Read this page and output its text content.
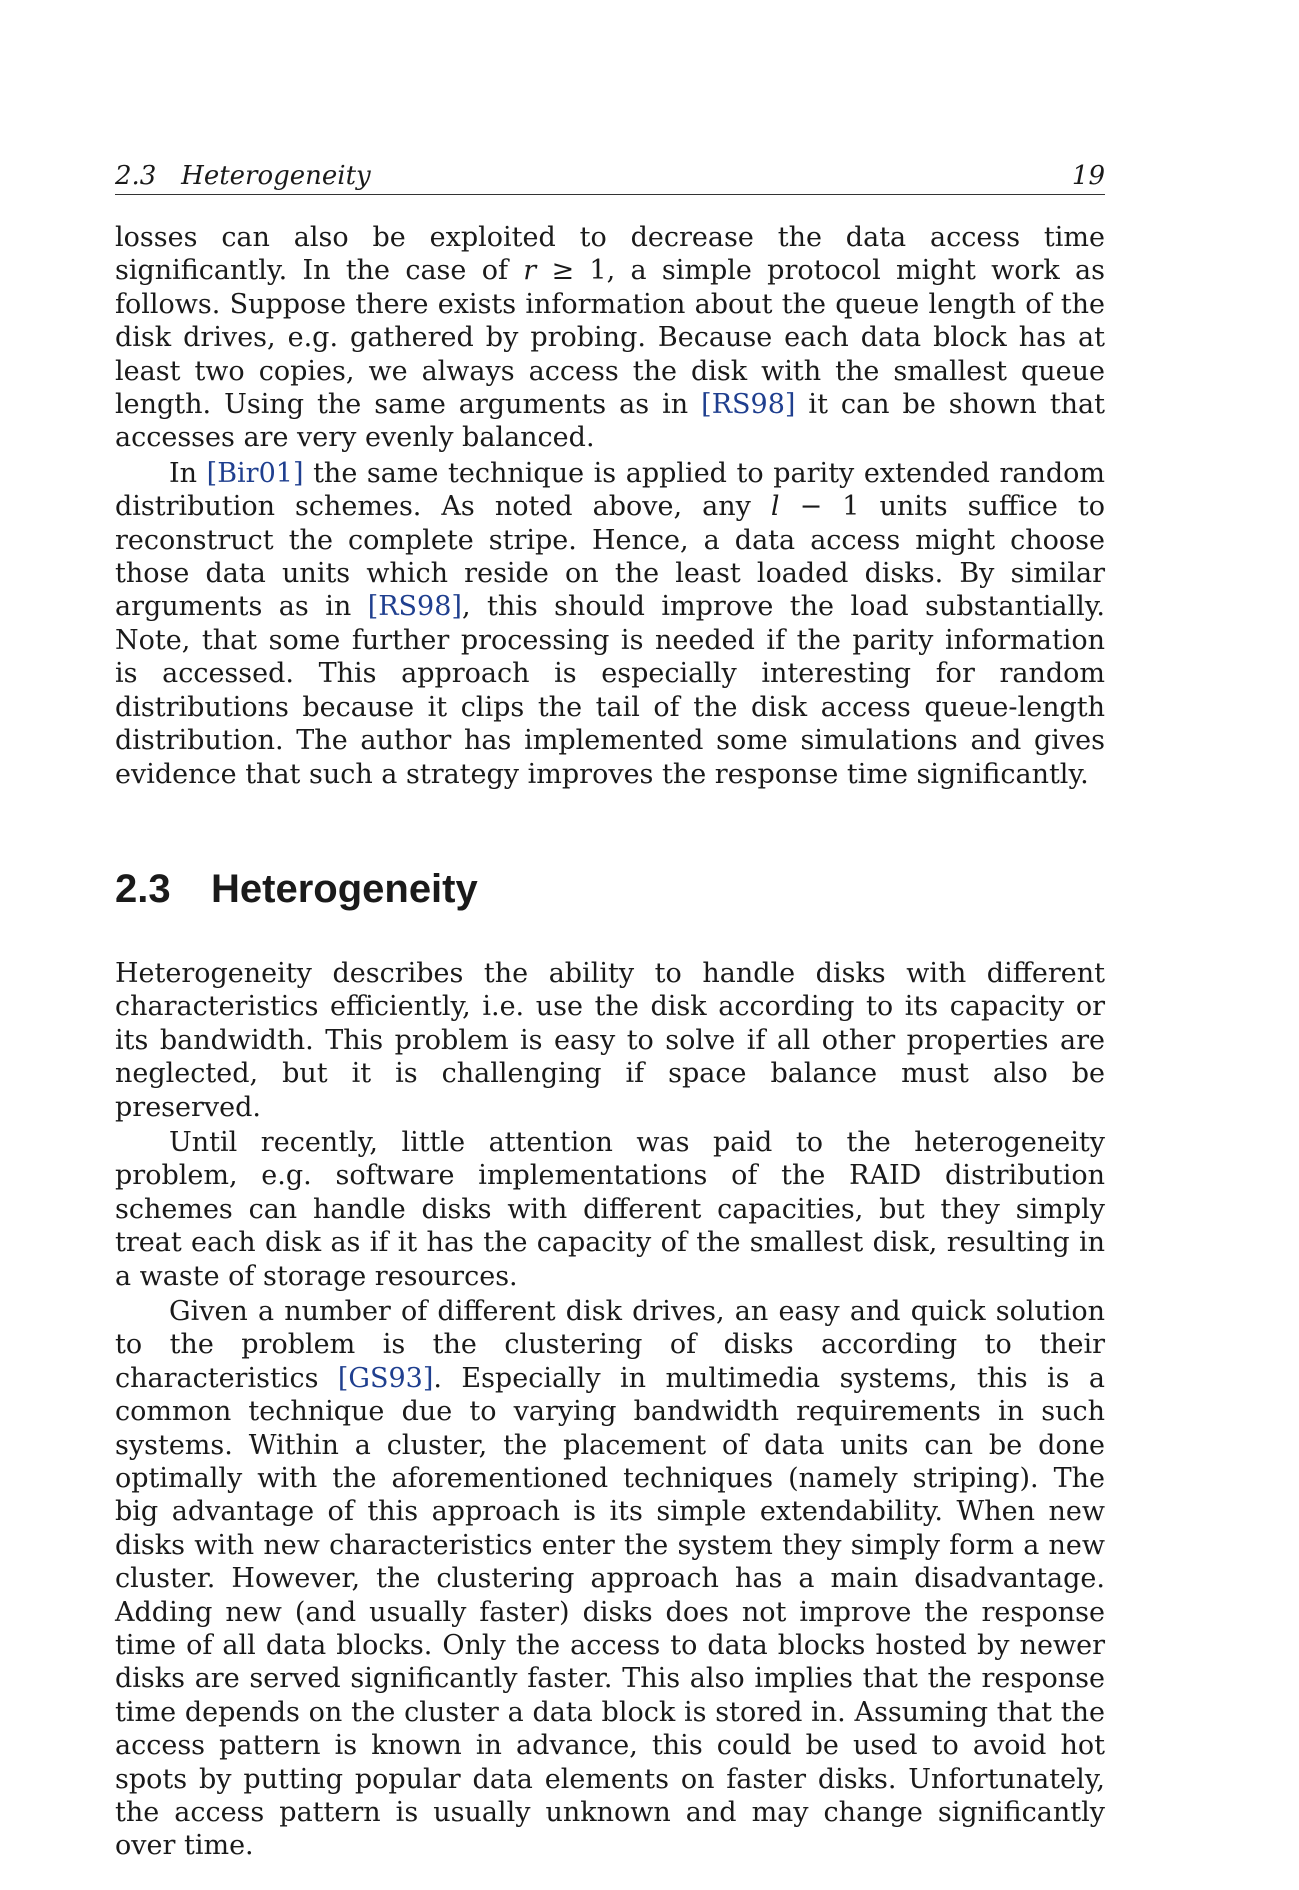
2.3   Heterogeneity	19

losses can also be exploited to decrease the data access time significantly. In the case of r ≥ 1, a simple protocol might work as follows. Suppose there exists information about the queue length of the disk drives, e.g. gathered by probing. Because each data block has at least two copies, we always access the disk with the smallest queue length. Using the same arguments as in [RS98] it can be shown that accesses are very evenly balanced.

In [Bir01] the same technique is applied to parity extended random distribution schemes. As noted above, any l − 1 units suffice to reconstruct the complete stripe. Hence, a data access might choose those data units which reside on the least loaded disks. By similar arguments as in [RS98], this should improve the load substantially. Note, that some further processing is needed if the parity information is accessed. This approach is especially interesting for random distributions because it clips the tail of the disk access queue-length distribution. The author has implemented some simulations and gives evidence that such a strategy improves the response time significantly.

2.3 Heterogeneity

Heterogeneity describes the ability to handle disks with different characteristics efficiently, i.e. use the disk according to its capacity or its bandwidth. This problem is easy to solve if all other properties are neglected, but it is challenging if space balance must also be preserved.

Until recently, little attention was paid to the heterogeneity problem, e.g. software implementations of the RAID distribution schemes can handle disks with different capacities, but they simply treat each disk as if it has the capacity of the smallest disk, resulting in a waste of storage resources.

Given a number of different disk drives, an easy and quick solution to the problem is the clustering of disks according to their characteristics [GS93]. Especially in multimedia systems, this is a common technique due to varying bandwidth requirements in such systems. Within a cluster, the placement of data units can be done optimally with the aforementioned techniques (namely striping). The big advantage of this approach is its simple extendability. When new disks with new characteristics enter the system they simply form a new cluster. However, the clustering approach has a main disadvantage. Adding new (and usually faster) disks does not improve the response time of all data blocks. Only the access to data blocks hosted by newer disks are served significantly faster. This also implies that the response time depends on the cluster a data block is stored in. Assuming that the access pattern is known in advance, this could be used to avoid hot spots by putting popular data elements on faster disks. Unfortunately, the access pattern is usually unknown and may change significantly over time.
